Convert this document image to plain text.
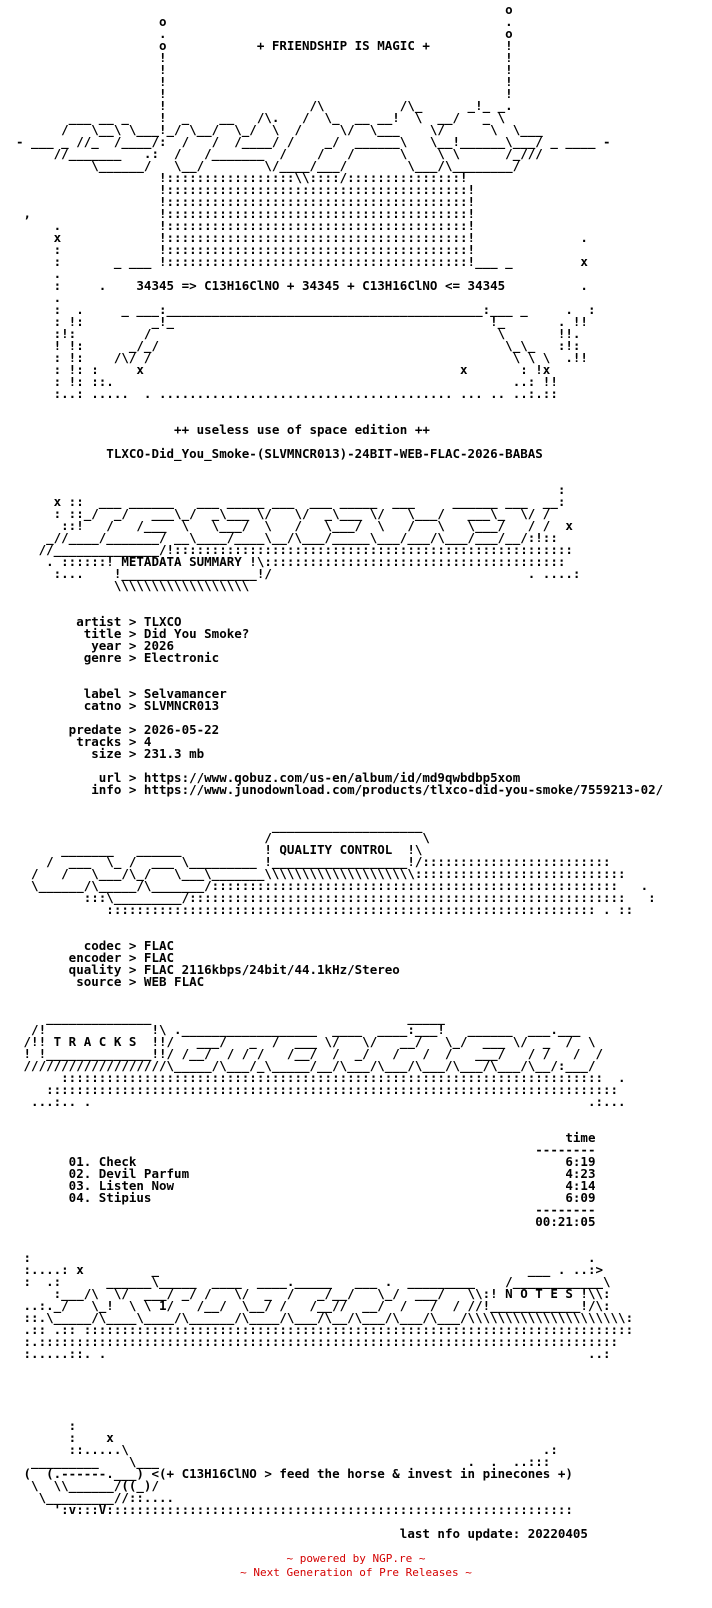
o
o                                             .
.                                             o
o            + FRIENDSHIP IS MAGIC +          !
!                                             !
!                                             !
!                                             !
!                                             !
!                   /\          /\_      _!_ _.
___ __ _    !  _    __   /\.   /  \_  __ __!  \  __/   _ \
/   \__\ \___!_/ \__/  \_/  \  /     \/  \___    \/      \  \___
- ___ _ //_  /____/:  /   /  /____/ /    _/  ______\   \__!______\___/ _ ____ -
//_______   .:  /   /_______  /    /   /      \    \ \      /_///
\______/   \__/        \/____/___/        \___/\________/
!:::::::::::::::::\\::::/:::::::::::::::!
!::::::::::::::::::::::::::::::::::::::::!
!::::::::::::::::::::::::::::::::::::::::!
,                 !::::::::::::::::::::::::::::::::::::::::!
.             !::::::::::::::::::::::::::::::::::::::::!
x             !::::::::::::::::::::::::::::::::::::::::!              .
:             !::::::::::::::::::::::::::::::::::::::::!
:       _ ___ !::::::::::::::::::::::::::::::::::::::::!___ _         x
.
:     .    34345 => C13H16ClNO + 34345 + C13H16ClNO <= 34345          .
.
:  .     _ ___:__________________________________________:___ _     .  :
: !:         _!_                                          !_       . !!
:!:         /                                              \       !!.
! !:      _/_/                                              \_\_   :!:
: !:    /\/ /                                                \ \ \  .!!
: !: :     x                                          x       : !x
: !: ::.                                                     ..: !!
:..: .....  . ....................................... ... .. ..:.::

++ useless use of space edition ++

TLXCO-Did_You_Smoke-(SLVMNCR013)-24BIT-WEB-FLAC-2026-BABAS

:
x ::  ___ ______   ___ _____ ___  ___ _____  ___     ______ ___  __:
: ::_/  _/   ___\_/  _\___ \/   \/  _\___ \/   \___/   ___\_  \/ /
::!   /   /___  \   \___/  \   /   \___/  \   /   \   \___/   / /  x
_//____/_______/ __\____/____\__/\___/_____\___/___/\___/___/__/:!::
//______________/!:::::::::::::::::::::::::::::::::::::::::::::::::::::
. ::::::! METADATA SUMMARY !\::::::::::::::::::::::::::::::::::::::::
:...    !__________________!/                                  . ....:
\\\\\\\\\\\\\\\\\\

artist > TLXCO
title > Did You Smoke?
year > 2026
genre > Electronic

label > Selvamancer
catno > SLVMNCR013

predate > 2026-05-22
tracks > 4
size > 231.3 mb

url > https://www.qobuz.com/us-en/album/id/md9qwbdbp5xom
info > https://www.junodownload.com/products/tlxco-did-you-smoke/7559213-02/

____________________
/                    \
_______   ______           ! QUALITY CONTROL  !\
/  ___  \_ /  ___ \_________ !__________________!/:::::::::::::::::::::::::
/   /   \___/\_/   \___\_______\\\\\\\\\\\\\\\\\\\\::::::::::::::::::::::::::::
\______/\_____/\_______/::::::::::::::::::::::::::::::::::::::::::::::::::::::   .
:::\_________/::::::::::::::::::::::::::::::::::::::::::::::::::::::::::   :
::::::::::::::::::::::::::::::::::::::::::::::::::::::::::::::::: . ::

codec > FLAC
encoder > FLAC
quality > FLAC 2116kbps/24bit/44.1kHz/Stereo
source > WEB FLAC

______________                                  _____
/!              !\ .__________________  ____  ____:___!   ______  ___.___
/!! T R A C K S  !!/   ___/   _  /  ___ \/   \/   __/   \_/  ___ \/  _  /  \
! !______________!!/ /__/  / / /   /__/  /  _/   /   /  /   ___/   / /   /  /
///////////////////\_____/\___/_\_____/__/\___/\___/\___/\___/\___/\__/:___/
::::::::::::::::::::::::::::::::::::::::::::::::::::::::::::::::::::::::  .
::::::::::::::::::::::::::::::::::::::::::::::::::::::::::::::::::::::::::::
...:.. .                                                                  .:...

time
--------
01. Check                                                         6:19
02. Devil Parfum                                                  4:23
03. Listen Now                                                    4:14
04. Stipius                                                       6:09
--------
00:21:05

:                                                                          .
:....: x         _                                                 ___ . ..:>
:  .:      ______\_____  ____  ____._____   ___ .  _________    /____________\
:___/\  \/  ___/ _/ /   \/  _  /   _/__/   \_/  ___/   \\:! N O T E S !\\:
..:._/   \_!  \ \ 1/   /__/  \__/ /   /__//  __/  /   /  / //!____________!/\:
::.\_____/\____\____/\______/\____/\___/\__/\___/\___/\___/\\\\\\\\\\\\\\\\\\\\\:
.:: .:: :::::::::::::::::::::::::::::::::::::::::::::::::::::::::::::::::::::::::
:.:::::::::::::::::::::::::::::::::::::::::::::::::::::::::::::::::::::::::::::
:.....::. .                                                                ..:

:
:    x
::.....\                                                       .:
_________    \___                                         .  .  ..:::
(  (.------.___) <(+ C13H16ClNO > feed the horse & invest in pinecones +)
\  \\______/((_)/
\_________//::....
':v:::V::::::::::::::::::::::::::::::::::::::::::::::::::::::::::::::

last nfo update: 20220405
~ powered by NGP.re ~
~ Next Generation of Pre Releases ~
